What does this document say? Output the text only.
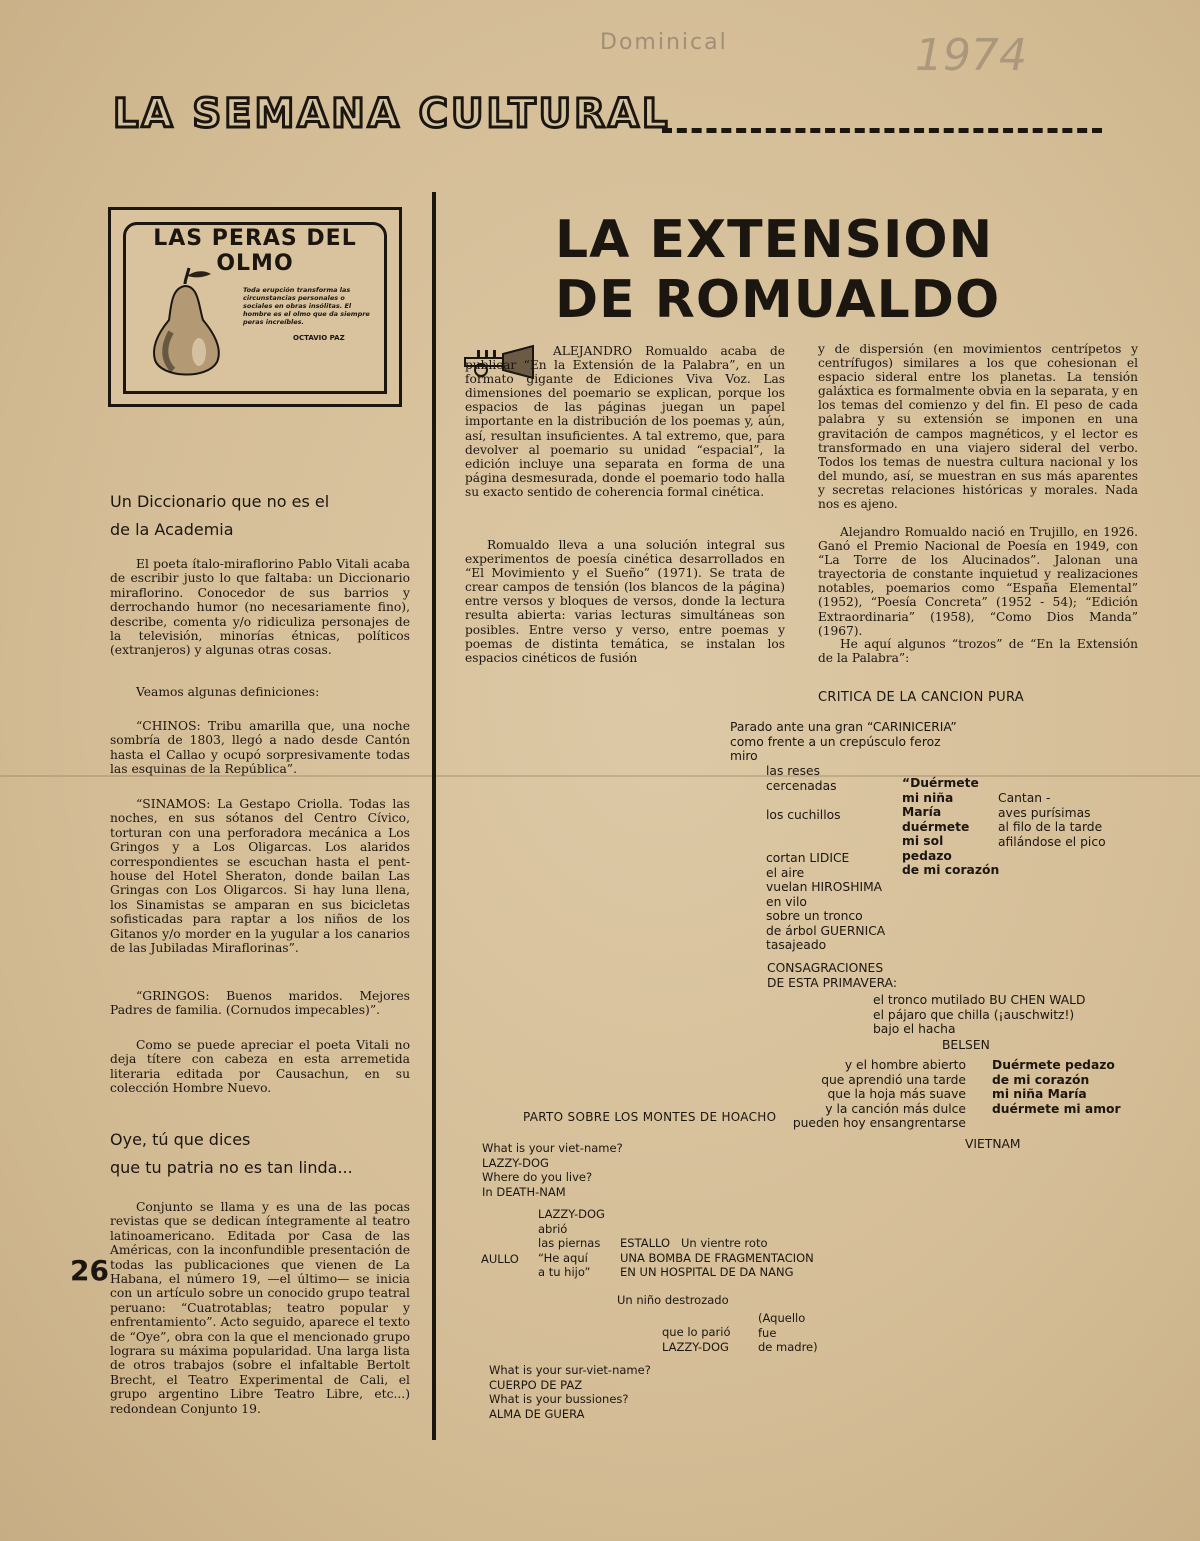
Dominical	1974
LA SEMANA CULTURAL
LAS PERAS DEL OLMO
Toda erupción transforma las circunstancias personales o sociales en obras insólitas. El hombre es el olmo que da siempre peras increíbles.
OCTAVIO PAZ
Un Diccionario que no es el
de la Academia
El poeta ítalo-miraflorino Pablo Vitali acaba de escribir justo lo que faltaba: un Diccionario miraflorino. Conocedor de sus barrios y derrochando humor (no necesariamente fino), describe, comenta y/o ridiculiza personajes de la televisión, minorías étnicas, políticos (extranjeros) y algunas otras cosas.
Veamos algunas definiciones:
“CHINOS: Tribu amarilla que, una noche sombría de 1803, llegó a nado desde Cantón hasta el Callao y ocupó sorpresivamente todas las esquinas de la República”.
“SINAMOS: La Gestapo Criolla. Todas las noches, en sus sótanos del Centro Cívico, torturan con una perforadora mecánica a Los Gringos y a Los Oligarcas. Los alaridos correspondientes se escuchan hasta el pent-house del Hotel Sheraton, donde bailan Las Gringas con Los Oligarcos. Si hay luna llena, los Sinamistas se amparan en sus bicicletas sofisticadas para raptar a los niños de los Gitanos y/o morder en la yugular a los canarios de las Jubiladas Miraflorinas”.
“GRINGOS: Buenos maridos. Mejores Padres de familia. (Cornudos impecables)”.
Como se puede apreciar el poeta Vitali no deja títere con cabeza en esta arremetida literaria editada por Causachun, en su colección Hombre Nuevo.
Oye, tú que dices
que tu patria no es tan linda...
Conjunto se llama y es una de las pocas revistas que se dedican íntegramente al teatro latinoamericano. Editada por Casa de las Américas, con la inconfundible presentación de todas las publicaciones que vienen de La Habana, el número 19, —el último— se inicia con un artículo sobre un conocido grupo teatral peruano: “Cuatrotablas; teatro popular y enfrentamiento”. Acto seguido, aparece el texto de “Oye”, obra con la que el mencionado grupo lograra su máxima popularidad. Una larga lista de otros trabajos (sobre el infaltable Bertolt Brecht, el Teatro Experimental de Cali, el grupo argentino Libre Teatro Libre, etc...) redondean Conjunto 19.
26
LA EXTENSION
DE ROMUALDO
ALEJANDRO Romualdo acaba de publicar “En la Extensión de la Palabra”, en un formato gigante de Ediciones Viva Voz. Las dimensiones del poemario se explican, porque los espacios de las páginas juegan un papel importante en la distribución de los poemas y, aún, así, resultan insuficientes. A tal extremo, que, para devolver al poemario su unidad “espacial”, la edición incluye una separata en forma de una página desmesurada, donde el poemario todo halla su exacto sentido de coherencia formal cinética.
Romualdo lleva a una solución integral sus experimentos de poesía cinética desarrollados en “El Movimiento y el Sueño” (1971). Se trata de crear campos de tensión (los blancos de la página) entre versos y bloques de versos, donde la lectura resulta abierta: varias lecturas simultáneas son posibles. Entre verso y verso, entre poemas y poemas de distinta temática, se instalan los espacios cinéticos de fusión
y de dispersión (en movimientos centrípetos y centrífugos) similares a los que cohesionan el espacio sideral entre los planetas. La tensión galáxtica es formalmente obvia en la separata, y en los temas del comienzo y del fin. El peso de cada palabra y su extensión se imponen en una gravitación de campos magnéticos, y el lector es transformado en una viajero sideral del verbo. Todos los temas de nuestra cultura nacional y los del mundo, así, se muestran en sus más aparentes y secretas relaciones históricas y morales. Nada nos es ajeno.
Alejandro Romualdo nació en Trujillo, en 1926. Ganó el Premio Nacional de Poesía en 1949, con “La Torre de los Alucinados”. Jalonan una trayectoria de constante inquietud y realizaciones notables, poemarios como “España Elemental” (1952), “Poesía Concreta” (1952 - 54); “Edición Extraordinaria” (1958), “Como Dios Manda” (1967).
He aquí algunos “trozos” de “En la Extensión de la Palabra”:
CRITICA DE LA CANCION PURA
Parado ante una gran “CARINICERIA”
como frente a un crepúsculo feroz
miro
las reses
cercenadas

los cuchillos

cortan LIDICE
el aire
vuelan HIROSHIMA
en vilo
sobre un tronco
de árbol GUERNICA
tasajeado
“Duérmete
mi niña
María
duérmete
mi sol
pedazo
de mi corazón
Cantan -
aves purísimas
al filo de la tarde
afilándose el pico
CONSAGRACIONES
DE ESTA PRIMAVERA:
el tronco mutilado BU CHEN WALD
el pájaro que chilla (¡auschwitz!)
bajo el hacha
BELSEN
y el hombre abierto
que aprendió una tarde
que la hoja más suave
y la canción más dulce
pueden hoy ensangrentarse
Duérmete pedazo
de mi corazón
mi niña María
duérmete mi amor
VIETNAM
PARTO SOBRE LOS MONTES DE HOACHO
What is your viet-name?
LAZZY-DOG
Where do you live?
In DEATH-NAM
LAZZY-DOG
abrió
las piernas
“He aquí
a tu hijo”
AULLO
ESTALLO   Un vientre roto
UNA BOMBA DE FRAGMENTACION
EN UN HOSPITAL DE DA NANG
Un niño destrozado
que lo parió
LAZZY-DOG
(Aquello
fue
de madre)
What is your sur-viet-name?
CUERPO DE PAZ
What is your bussiones?
ALMA DE GUERA
